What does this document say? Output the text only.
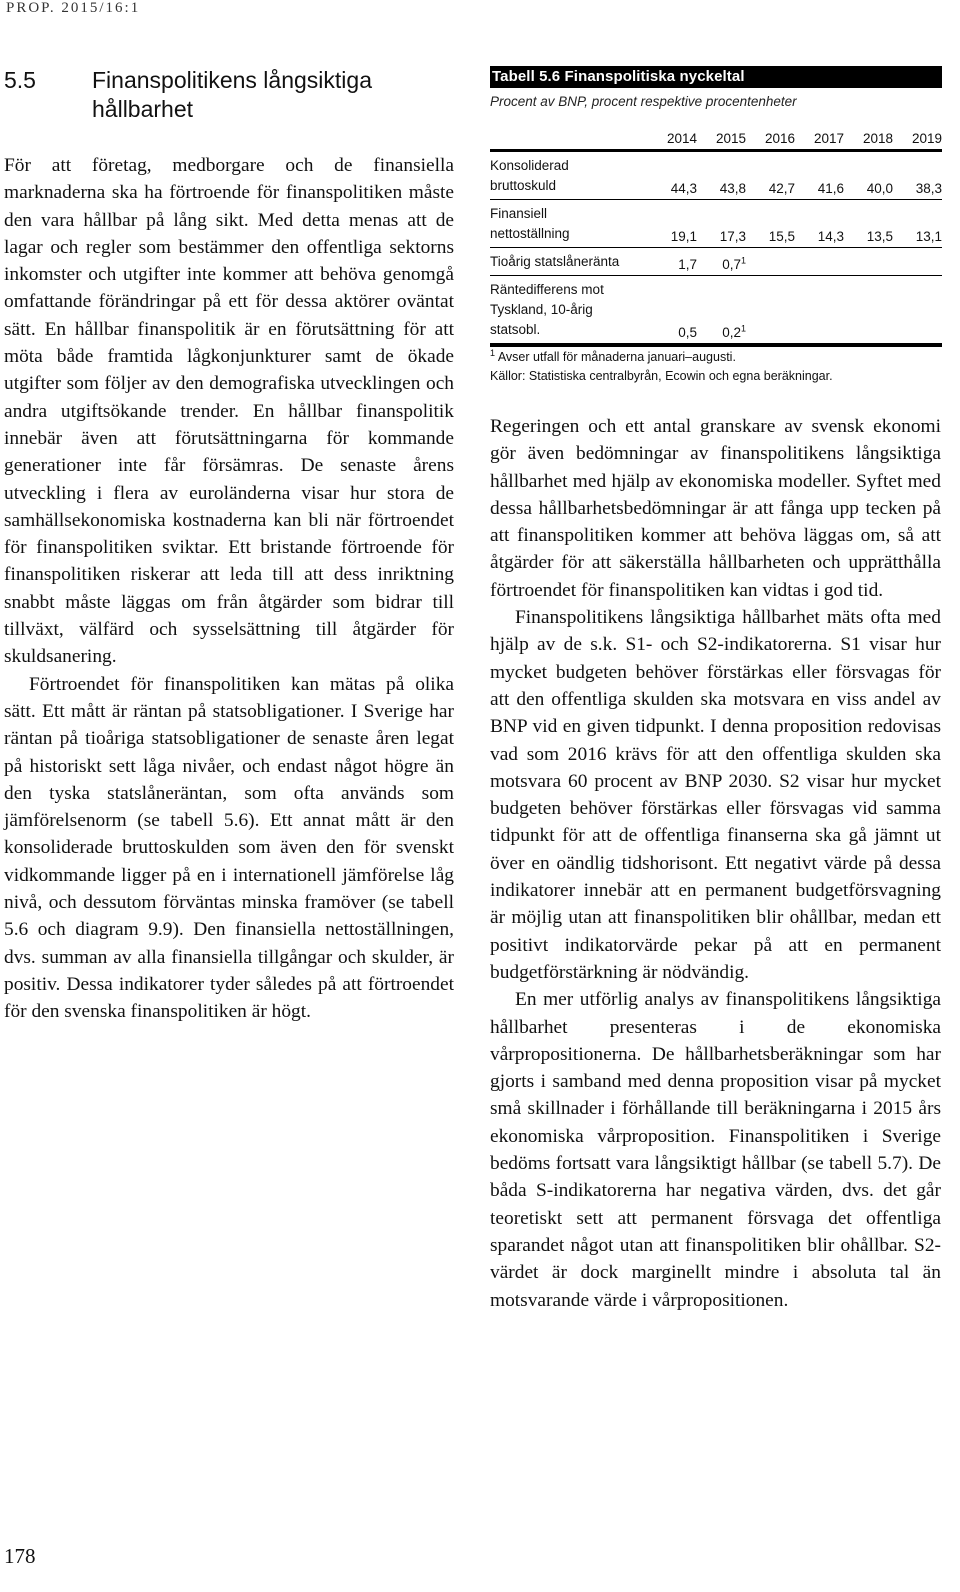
PROP. 2015/16:1
5.5	Finanspolitikens långsiktiga hållbarhet

För att företag, medborgare och de finansiella marknaderna ska ha förtroende för finanspolitiken måste den vara hållbar på lång sikt. Med detta menas att de lagar och regler som bestämmer den offentliga sektorns inkomster och utgifter inte kommer att behöva genomgå omfattande förändringar på ett för dessa aktörer oväntat sätt. En hållbar finanspolitik är en förutsättning för att möta både framtida lågkonjunkturer samt de ökade utgifter som följer av den demografiska utvecklingen och andra utgiftsökande trender. En hållbar finanspolitik innebär även att förutsättningarna för kommande generationer inte får försämras. De senaste årens utveckling i flera av euroländerna visar hur stora de samhällsekonomiska kostnaderna kan bli när förtroendet för finanspolitiken sviktar. Ett bristande förtroende för finanspolitiken riskerar att leda till att dess inriktning snabbt måste läggas om från åtgärder som bidrar till tillväxt, välfärd och sysselsättning till åtgärder för skuldsanering.

Förtroendet för finanspolitiken kan mätas på olika sätt. Ett mått är räntan på statsobligationer. I Sverige har räntan på tioåriga statsobligationer de senaste åren legat på historiskt sett låga nivåer, och endast något högre än den tyska statslåneräntan, som ofta används som jämförelsenorm (se tabell 5.6). Ett annat mått är den konsoliderade bruttoskulden som även den för svenskt vidkommande ligger på en i internationell jämförelse låg nivå, och dessutom förväntas minska framöver (se tabell 5.6 och diagram 9.9). Den finansiella nettoställningen, dvs. summan av alla finansiella tillgångar och skulder, är positiv. Dessa indikatorer tyder således på att förtroendet för den svenska finanspolitiken är högt.

Tabell 5.6 Finanspolitiska nyckeltal
Procent av BNP, procent respektive procentenheter
	2014	2015	2016	2017	2018	2019
Konsoliderad
bruttoskuld	44,3	43,8	42,7	41,6	40,0	38,3
Finansiell
nettoställning	19,1	17,3	15,5	14,3	13,5	13,1
Tioårig statslåneränta	1,7	$0,7^1$				
Räntedifferens mot
Tyskland, 10-årig
statsobl.	0,5	$0,2^1$				
$^1$ Avser utfall för månaderna januari–augusti.
Källor: Statistiska centralbyrån, Ecowin och egna beräkningar.

Regeringen och ett antal granskare av svensk ekonomi gör även bedömningar av finanspolitikens långsiktiga hållbarhet med hjälp av ekonomiska modeller. Syftet med dessa hållbarhetsbedömningar är att fånga upp tecken på att finanspolitiken kommer att behöva läggas om, så att åtgärder för att säkerställa hållbarheten och upprätthålla förtroendet för finanspolitiken kan vidtas i god tid.

Finanspolitikens långsiktiga hållbarhet mäts ofta med hjälp av de s.k. S1- och S2-indikatorerna. S1 visar hur mycket budgeten behöver förstärkas eller försvagas för att den offentliga skulden ska motsvara en viss andel av BNP vid en given tidpunkt. I denna proposition redovisas vad som 2016 krävs för att den offentliga skulden ska motsvara 60 procent av BNP 2030. S2 visar hur mycket budgeten behöver förstärkas eller försvagas vid samma tidpunkt för att de offentliga finanserna ska gå jämnt ut över en oändlig tidshorisont. Ett negativt värde på dessa indikatorer innebär att en permanent budgetförsvagning är möjlig utan att finanspolitiken blir ohållbar, medan ett positivt indikatorvärde pekar på att en permanent budgetförstärkning är nödvändig.

En mer utförlig analys av finanspolitikens långsiktiga hållbarhet presenteras i de ekonomiska vårpropositionerna. De hållbarhetsberäkningar som har gjorts i samband med denna proposition visar på mycket små skillnader i förhållande till beräkningarna i 2015 års ekonomiska vårproposition. Finanspolitiken i Sverige bedöms fortsatt vara långsiktigt hållbar (se tabell 5.7). De båda S-indikatorerna har negativa värden, dvs. det går teoretiskt sett att permanent försvaga det offentliga sparandet något utan att finanspolitiken blir ohållbar. S2-värdet är dock marginellt mindre i absoluta tal än motsvarande värde i vårpropositionen.

178
